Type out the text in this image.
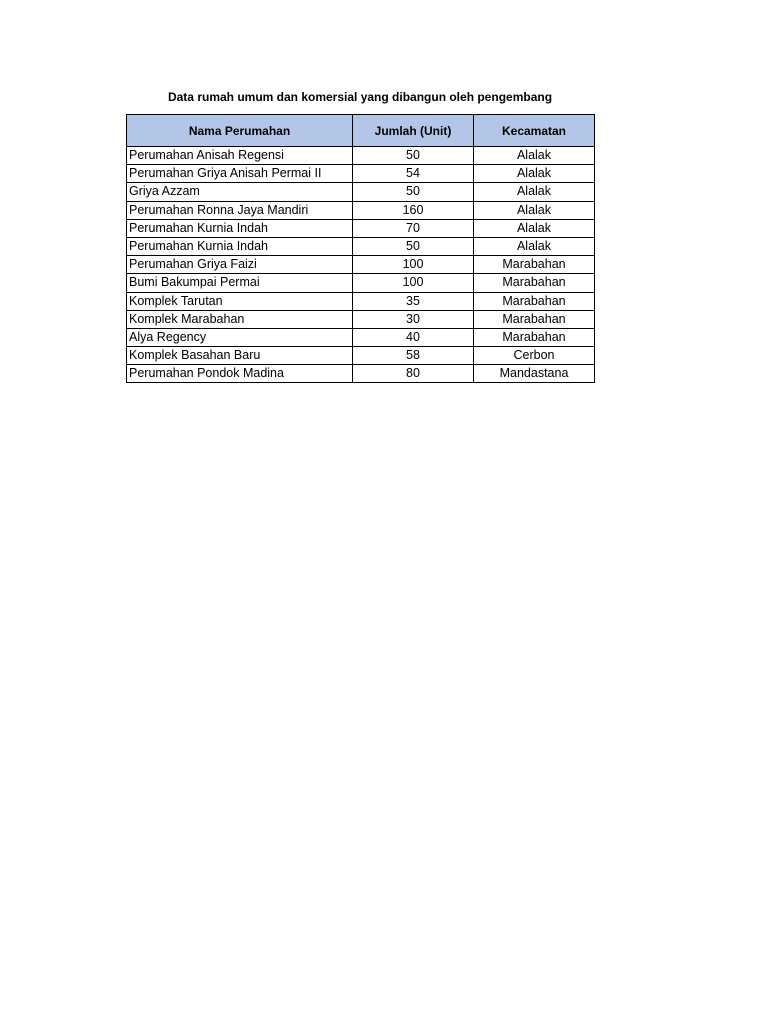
Data rumah umum dan komersial yang dibangun oleh pengembang
Nama Perumahan	Jumlah (Unit)	Kecamatan
Perumahan Anisah Regensi	50	Alalak
Perumahan Griya Anisah Permai II	54	Alalak
Griya Azzam	50	Alalak
Perumahan Ronna Jaya Mandiri	160	Alalak
Perumahan Kurnia Indah	70	Alalak
Perumahan Kurnia Indah	50	Alalak
Perumahan Griya Faizi	100	Marabahan
Bumi Bakumpai Permai	100	Marabahan
Komplek Tarutan	35	Marabahan
Komplek Marabahan	30	Marabahan
Alya Regency	40	Marabahan
Komplek Basahan Baru	58	Cerbon
Perumahan Pondok Madina	80	Mandastana
